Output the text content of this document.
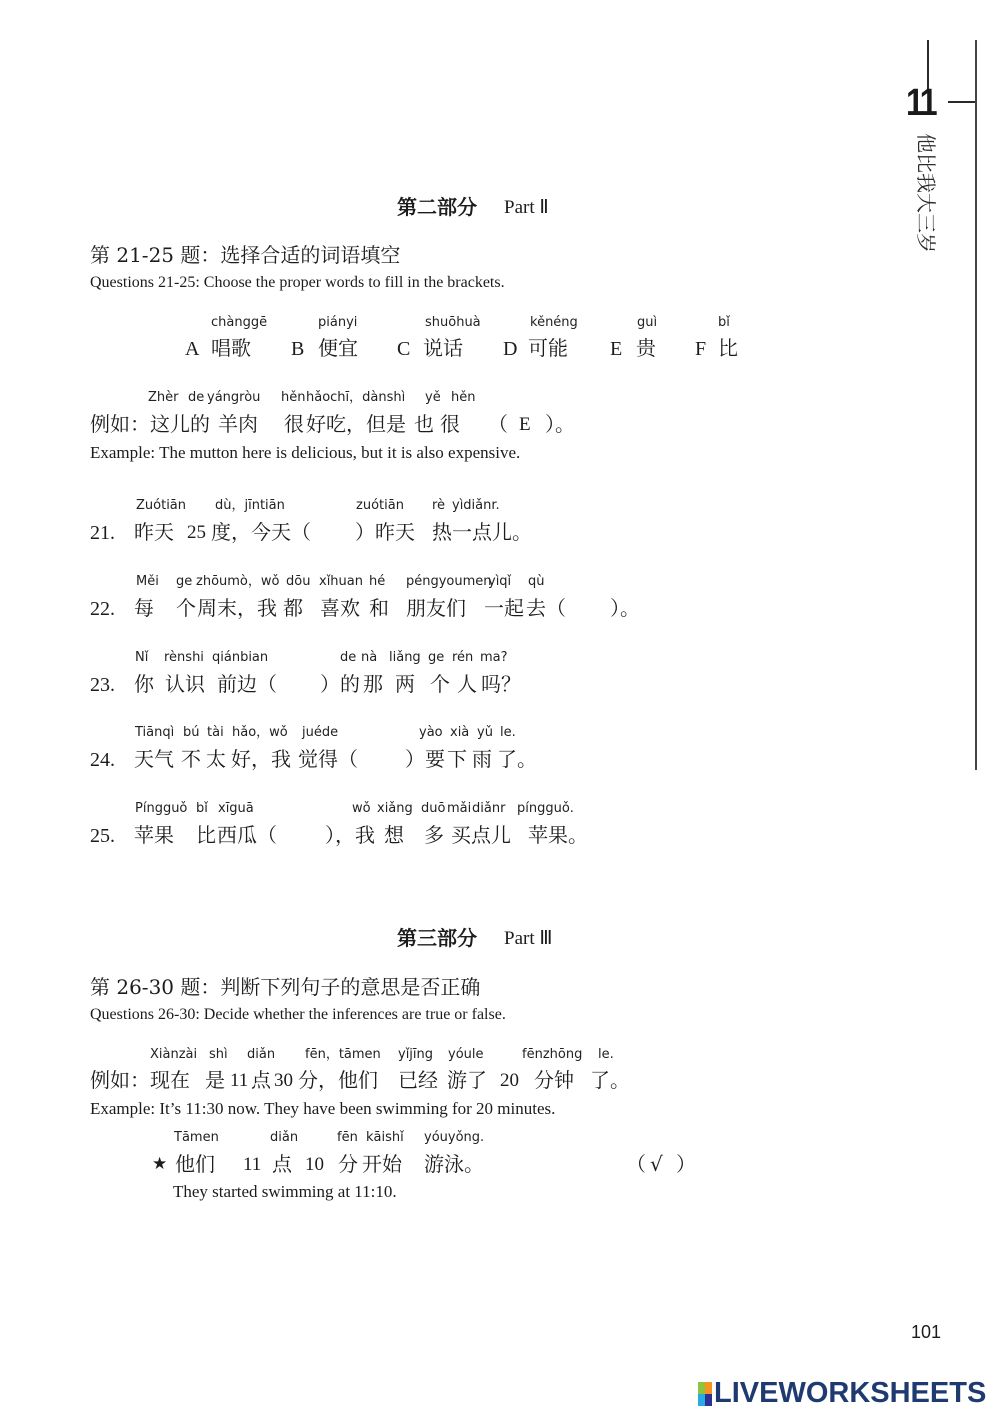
11
他比我大三岁
第二部分 Part Ⅱ
第 21-25 题：选择合适的词语填空
Questions 21-25: Choose the proper words to fill in the brackets.
chànggē
A 唱歌
piányi
B 便宜
shuōhuà
C 说话
kěnéng
D 可能
guì
E 贵
bǐ
F 比
Zhèr de yángròu hěn hǎochī，dànshì yě hěn
例如： 这儿的 羊肉 很 好吃，但是 也 很 （ E ）。
Example: The mutton here is delicious, but it is also expensive.
Zuótiān dù，jīntiān	zuótiān rè yìdiǎnr.
21. 昨天 25 度，今天（ ）昨天 热 一点儿。
Měi ge zhōumò，wǒ dōu xǐhuan hé péngyoumen
yìqǐ qù
22. 每 个 周末，我 都 喜欢 和 朋友们 一起 去（ ）。
Nǐ rènshi qiánbian	de nà liǎng ge rén ma?
23. 你 认识 前边（ ）的 那 两 个 人 吗？
Tiānqì bú tài hǎo，wǒ juéde	yào xià yǔ le.
24. 天气 不 太 好，我 觉得（ ）要 下 雨 了。
Píngguǒ bǐ xīguā	wǒ xiǎng duō mǎi diǎnr píngguǒ.
25. 苹果 比 西瓜（ ），我 想 多 买点儿 苹果。
第三部分 Part Ⅲ
第 26-30 题：判断下列句子的意思是否正确
Questions 26-30: Decide whether the inferences are true or false.
Xiànzài shì diǎn fēn，tāmen yǐjīng yóule	fēnzhōng le.
例如： 现在 是 11 点 30 分，他们 已经 游了 20 分钟 了。
Example: It’s 11:30 now. They have been swimming for 20 minutes.
Tāmen	diǎn	fēn kāishǐ yóuyǒng.
★ 他们 11 点 10 分 开始 游泳。	（ √ ）
They started swimming at 11:10.
101
LIVEWORKSHEETS
